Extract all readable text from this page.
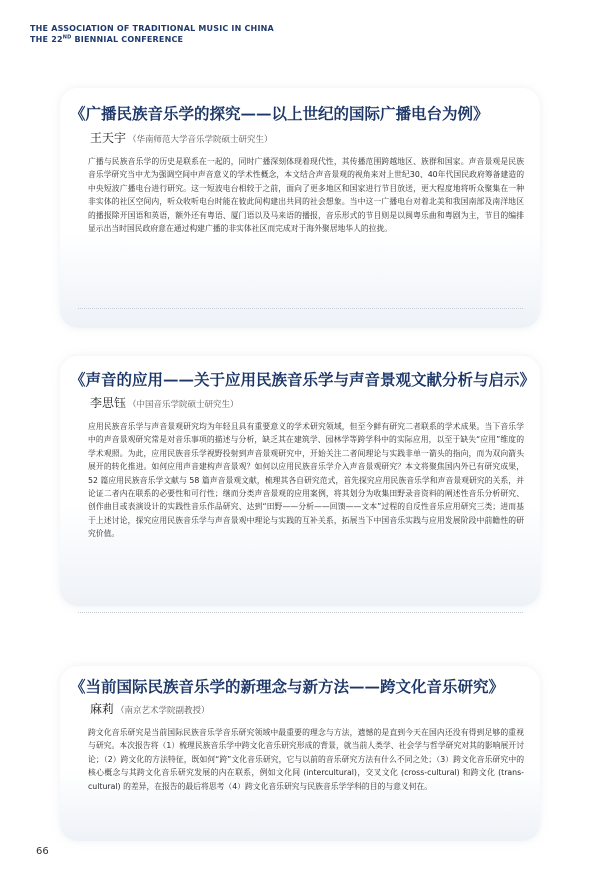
THE ASSOCIATION OF TRADITIONAL MUSIC IN CHINA
THE 22ND BIENNIAL CONFERENCE
《广播民族音乐学的探究——以上世纪的国际广播电台为例》
王天宇 （华南师范大学音乐学院硕士研究生）
广播与民族音乐学的历史是联系在一起的，同时广播深刻体现着现代性，其传播范围跨越地区、族群和国家。声音景观是民族音乐学研究当中尤为强调空间中声音意义的学术性概念，本文结合声音景观的视角来对上世纪30、40年代国民政府筹备建造的中央短波广播电台进行研究。这一短波电台相较于之前，面向了更多地区和国家进行节目放送，更大程度地将听众聚集在一种非实体的社区空间内，听众收听电台时能在彼此间构建出共同的社会想象。当中这一广播电台对着北美和我国南部及南洋地区的播报除开国语和英语，额外还有粤语、厦门语以及马来语的播报，音乐形式的节目则是以闽粤乐曲和粤剧为主，节目的编排显示出当时国民政府意在通过构建广播的非实体社区而完成对于海外聚居地华人的拉拢。
《声音的应用——关于应用民族音乐学与声音景观文献分析与启示》
李思钰 （中国音乐学院硕士研究生）
应用民族音乐学与声音景观研究均为年轻且具有重要意义的学术研究领域，但至今鲜有研究二者联系的学术成果。当下音乐学中的声音景观研究常是对音乐事项的描述与分析，缺乏其在建筑学、园林学等跨学科中的实际应用，以至于缺失“应用”维度的学术观照。为此，应用民族音乐学视野投射到声音景观研究中，开始关注二者间理论与实践非单一箭头的指向，而为双向箭头展开的转化推进。如何应用声音建构声音景观？如何以应用民族音乐学介入声音景观研究？本文将聚焦国内外已有研究成果，52 篇应用民族音乐学文献与 58 篇声音景观文献，梳理其各自研究范式，首先探究应用民族音乐学和声音景观研究的关系，并论证二者内在联系的必要性和可行性；继而分类声音景观的应用案例，将其划分为收集田野录音资料的阐述性音乐分析研究、创作曲目或表演设计的实践性音乐作品研究、达到“田野——分析——回馈——文本”过程的自反性音乐应用研究三类；进而基于上述讨论，探究应用民族音乐学与声音景观中理论与实践的互补关系，拓展当下中国音乐实践与应用发展阶段中前瞻性的研究价值。
《当前国际民族音乐学的新理念与新方法——跨文化音乐研究》
麻莉 （南京艺术学院副教授）
跨文化音乐研究是当前国际民族音乐学音乐研究领域中最重要的理念与方法，遗憾的是直到今天在国内还没有得到足够的重视与研究。本次报告将（1）梳理民族音乐学中跨文化音乐研究形成的背景，就当前人类学、社会学与哲学研究对其的影响展开讨论；（2）跨文化的方法特征，既如何“跨”文化音乐研究，它与以前的音乐研究方法有什么不同之处；（3）跨文化音乐研究中的核心概念与其跨文化音乐研究发展的内在联系，例如文化间 (intercultural)，交叉文化 (cross-cultural) 和跨文化 (trans-cultural) 的差异，在报告的最后将思考（4）跨文化音乐研究与民族音乐学学科的目的与意义何在。
66
